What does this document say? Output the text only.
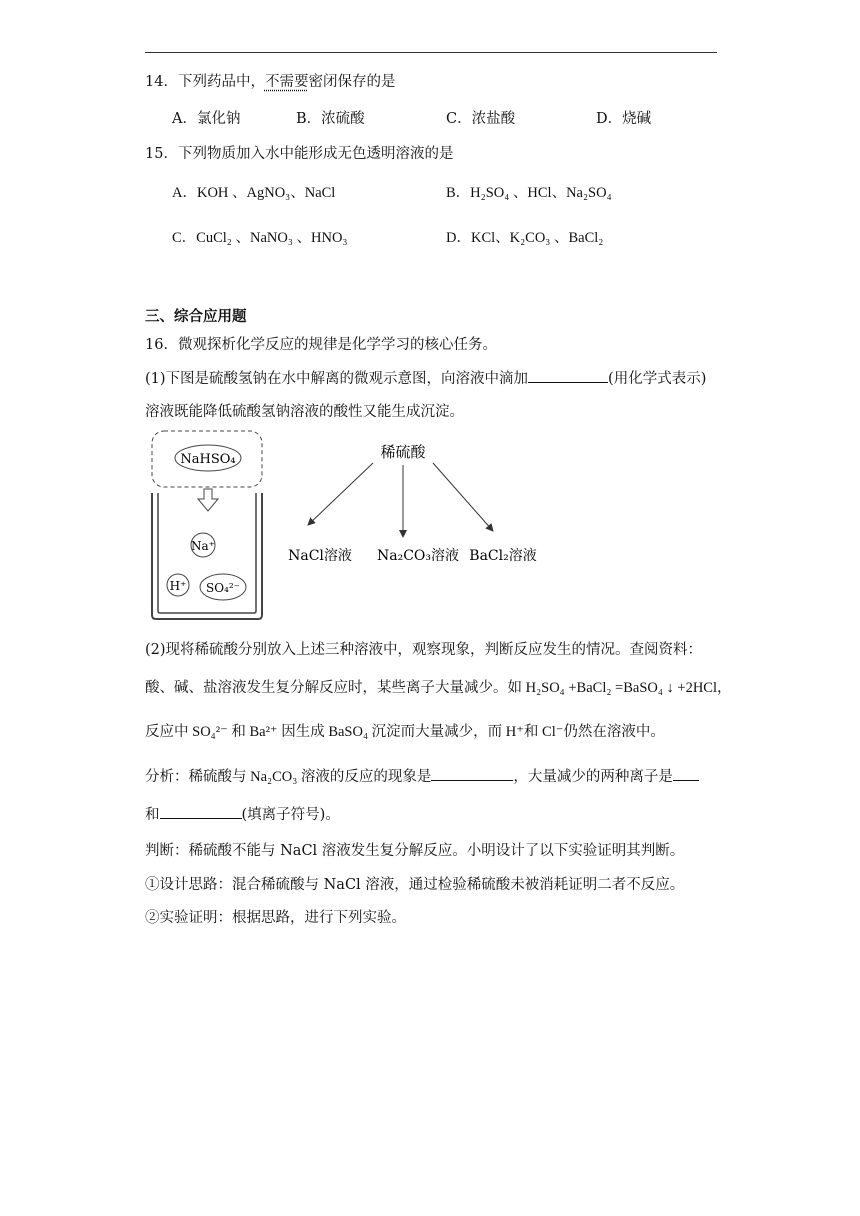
14．下列药品中，不需要密闭保存的是
A．氯化钠	B．浓硫酸	C．浓盐酸	D．烧碱
15．下列物质加入水中能形成无色透明溶液的是
A．KOH 、AgNO₃、NaCl	B．H₂SO₄ 、HCl、Na₂SO₄
C．CuCl₂ 、NaNO₃ 、HNO₃	D．KCl、K₂CO₃ 、BaCl₂
三、综合应用题
16．微观探析化学反应的规律是化学学习的核心任务。
(1)下图是硫酸氢钠在水中解离的微观示意图，向溶液中滴加	(用化学式表示)
溶液既能降低硫酸氢钠溶液的酸性又能生成沉淀。
NaHSO₄
Na⁺
H⁺ SO₄²⁻
稀硫酸
NaCl溶液 Na₂CO₃溶液 BaCl₂溶液
(2)现将稀硫酸分别放入上述三种溶液中，观察现象，判断反应发生的情况。查阅资料：
酸、碱、盐溶液发生复分解反应时，某些离子大量减少。如 H₂SO₄ +BaCl₂ =BaSO₄ ↓ +2HCl，
反应中 SO₄²⁻ 和 Ba²⁺ 因生成 BaSO₄ 沉淀而大量减少，而 H⁺和 Cl⁻仍然在溶液中。
分析：稀硫酸与 Na₂CO₃ 溶液的反应的现象是	，大量减少的两种离子是
和	(填离子符号)。
判断：稀硫酸不能与 NaCl 溶液发生复分解反应。小明设计了以下实验证明其判断。
①设计思路：混合稀硫酸与 NaCl 溶液，通过检验稀硫酸未被消耗证明二者不反应。
②实验证明：根据思路，进行下列实验。
